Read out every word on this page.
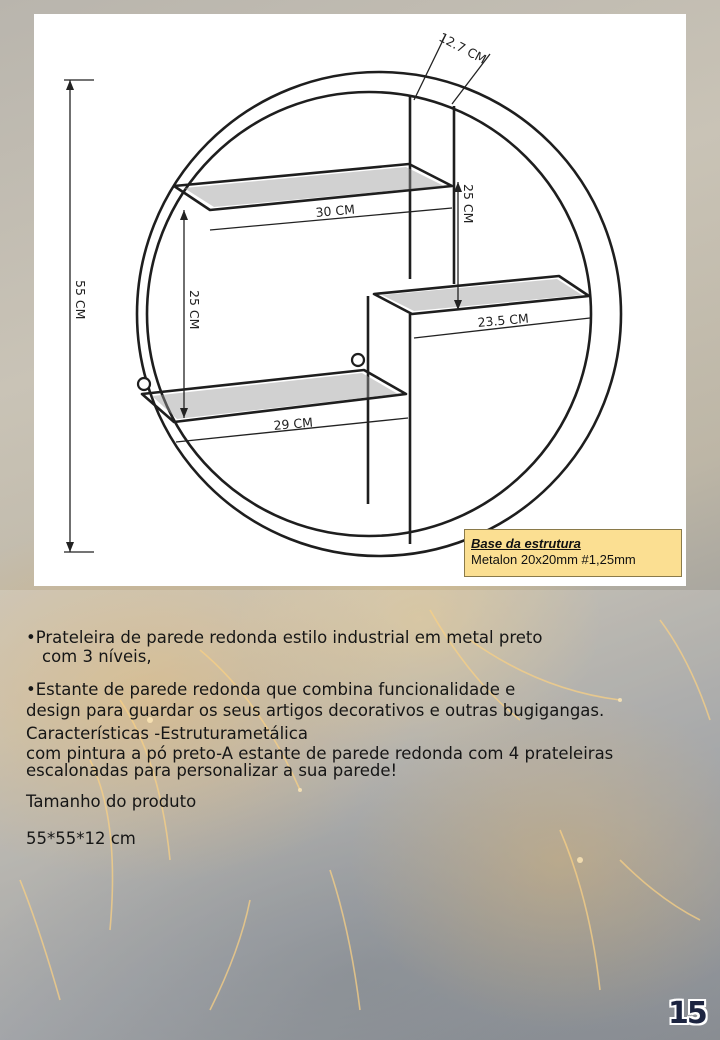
12.7 CM
55 CM
30 CM	25 CM
25 CM	23.5 CM
29 CM
Base da estrutura
Metalon 20x20mm #1,25mm
•Prateleira de parede redonda estilo industrial em metal preto
com 3 níveis,
•Estante de parede redonda que combina funcionalidade e
design para guardar os seus artigos decorativos e outras bugigangas.
Características -Estruturametálica
com pintura a pó preto-A estante de parede redonda com 4 prateleiras escalonadas para personalizar a sua parede!
Tamanho do produto
55*55*12 cm
15
